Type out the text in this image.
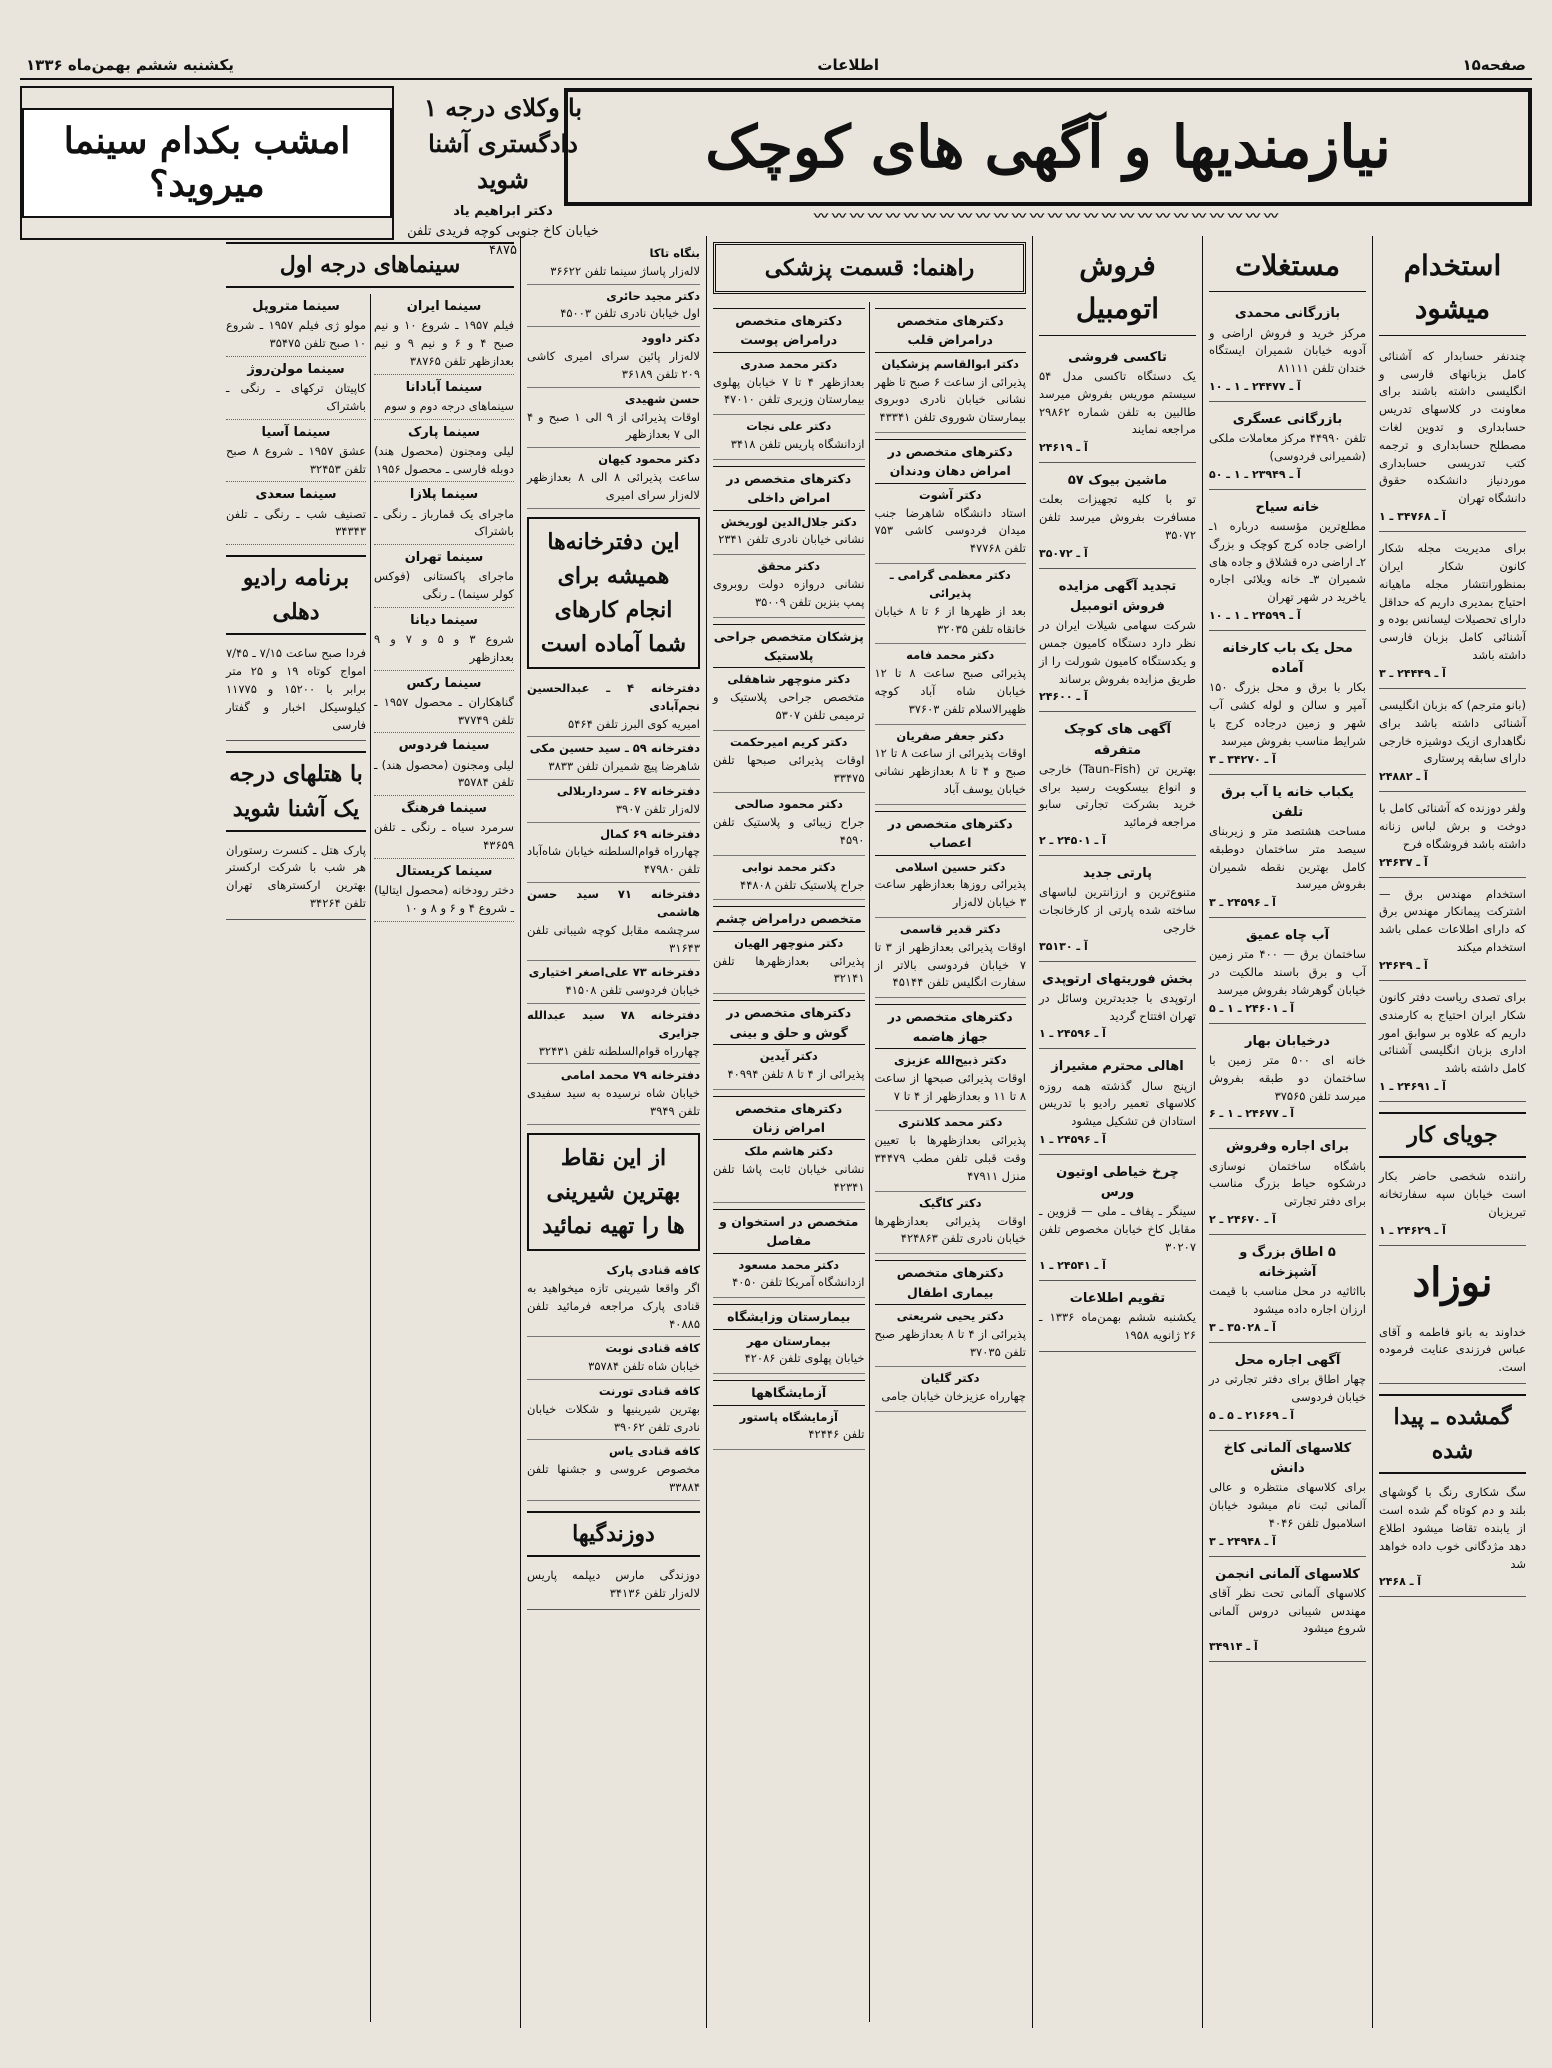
صفحه۱۵
اطلاعات
یکشنبه ششم بهمن‌ماه ۱۳۳۶
نیازمندیها و آگهی های کوچک
〰〰〰〰〰〰〰〰〰〰〰〰〰〰〰〰〰〰〰〰〰〰〰〰〰〰
با وکلای درجه ۱ دادگستری آشنا شوید
دکتر ابراهیم یاد
خیابان کاخ جنوبی کوچه فریدی تلفن ۴۸۷۵
امشب بکدام سینما میروید؟
استخدام میشود
چندنفر حسابدار که آشنائی کامل بزبانهای فارسی و انگلیسی داشته باشند برای معاونت در کلاسهای تدریس حسابداری و تدوین لغات مصطلح حسابداری و ترجمه کتب تدریسی حسابداری موردنیاز دانشکده حقوق دانشگاه تهران
آ ـ ۳۴۷۶۸ ـ ۱
برای مدیریت مجله شکار کانون شکار ایران بمنظورانتشار مجله ماهیانه احتیاج بمدیری داریم که حداقل دارای تحصیلات لیسانس بوده و آشنائی کامل بزبان فارسی داشته باشد
آ ـ ۲۴۴۴۹ ـ ۳
(بانو مترجم) که بزبان انگلیسی آشنائی داشته باشد برای نگاهداری ازیک دوشیزه خارجی دارای سابقه پرستاری
آ ـ ۲۴۸۸۲
ولفر دوزنده که آشنائی کامل با دوخت و برش لباس زنانه داشته باشد فروشگاه فرح
آ ـ ۲۴۶۳۷
استخدام مهندس برق — اشترکت پیمانکار مهندس برق که دارای اطلاعات عملی باشد استخدام میکند
آ ـ ۲۴۶۴۹
برای تصدی ریاست دفتر کانون شکار ایران احتیاج به کارمندی داریم که علاوه بر سوابق امور اداری بزبان انگلیسی آشنائی کامل داشته باشد
آ ـ ۲۴۶۹۱ ـ ۱
جویای کار
راننده شخصی حاضر بکار است خیابان سپه سفارتخانه تبریزیان
آ ـ ۲۴۶۲۹ ـ ۱
نوزاد
خداوند به بانو فاطمه و آقای عباس فرزندی عنایت فرموده است.
گمشده ـ پیدا شده
سگ شکاری رنگ با گوشهای بلند و دم کوتاه گم شده است از یابنده تقاضا میشود اطلاع دهد مژدگانی خوب داده خواهد شد
آ ـ ۲۴۶۸
مستغلات
بازرگانی محمدی
مرکز خرید و فروش اراضی و آدوبه خیابان شمیران ایستگاه خندان تلفن ۸۱۱۱۱
آ ـ ۲۴۴۷۷ ـ ۱ ـ ۱۰
بازرگانی عسگری
تلفن ۴۴۹۹۰ مرکز معاملات ملکی (شمیرانی فردوسی)
آ ـ ۲۳۹۴۹ ـ ۱ ـ ۵۰
خانه سیاح
مطلع‌ترین مؤسسه درباره ۱ـ اراضی جاده کرج کوچک و بزرگ ۲ـ اراضی دره قشلاق و جاده های شمیران ۳ـ خانه ویلائی اجاره یاخرید در شهر تهران
آ ـ ۲۴۵۹۹ ـ ۱ ـ ۱۰
محل یک باب کارخانه آماده
بکار با برق و محل بزرگ ۱۵۰ آمپر و سالن و لوله کشی آب شهر و زمین درجاده کرج با شرایط مناسب بفروش میرسد
آ ـ ۳۴۲۷۰ ـ ۳
یکباب خانه یا آب برق تلفن
مساحت هشتصد متر و زیربنای سیصد متر ساختمان دوطبقه کامل بهترین نقطه شمیران بفروش میرسد
آ ـ ۲۴۵۹۶ ـ ۳
آب چاه عمیق
ساختمان برق — ۴۰۰ متر زمین آب و برق باسند مالکیت در خیابان گوهرشاد بفروش میرسد
آ ـ ۲۴۶۰۱ ـ ۱ ـ ۵
درخیابان بهار
خانه ای ۵۰۰ متر زمین با ساختمان دو طبقه بفروش میرسد تلفن ۳۷۵۶۵
آ ـ ۲۴۶۷۷ ـ ۱ ـ ۶
برای اجاره وفروش
باشگاه ساختمان نوسازی درشکوه حیاط بزرگ مناسب برای دفتر تجارتی
آ ـ ۲۴۶۷۰ ـ ۲
۵ اطاق بزرگ و آشپزخانه
بااثاثیه در محل مناسب با قیمت ارزان اجاره داده میشود
آ ـ ۳۵۰۲۸ ـ ۳
آگهی اجاره محل
چهار اطاق برای دفتر تجارتی در خیابان فردوسی
آ ـ ۲۱۶۶۹ ـ ۵ ـ ۵
کلاسهای آلمانی کاخ دانش
برای کلاسهای منتظره و عالی آلمانی ثبت نام میشود خیابان اسلامبول تلفن ۴۰۴۶
آ ـ ۲۴۹۴۸ ـ ۳
کلاسهای آلمانی انجمن
کلاسهای آلمانی تحت نظر آقای مهندس شیبانی دروس آلمانی شروع میشود
آ ـ ۳۴۹۱۴
فروش اتومبیل
تاکسی فروشی
یک دستگاه تاکسی مدل ۵۴ سیستم موریس بفروش میرسد طالبین به تلفن شماره ۲۹۸۶۲ مراجعه نمایند
آ ـ ۲۴۶۱۹
ماشین بیوک ۵۷
تو با کلیه تجهیزات بعلت مسافرت بفروش میرسد تلفن ۳۵۰۷۲
آ ـ ۳۵۰۷۲
تجدید آگهی مزایده فروش اتومبیل
شرکت سهامی شیلات ایران در نظر دارد دستگاه کامیون جمس و یکدستگاه کامیون شورلت را از طریق مزایده بفروش برساند
آ ـ ۲۴۶۰۰
آگهی های کوچک متفرقه
بهترین تن (Taun-Fish) خارجی و انواع بیسکویت رسید برای خرید بشرکت تجارتی سابو مراجعه فرمائید
آ ـ ۲۴۵۰۱ ـ ۲
پارتی جدید
متنوع‌ترین و ارزانترین لباسهای ساخته شده پارتی از کارخانجات خارجی
آ ـ ۳۵۱۳۰
بخش فوریتهای ارتوپدی
ارتوپدی با جدیدترین وسائل در تهران افتتاح گردید
آ ـ ۲۴۵۹۶ ـ ۱
اهالی محترم مشیراز
ازپنج سال گذشته همه روزه کلاسهای تعمیر رادیو با تدریس استادان فن تشکیل میشود
آ ـ ۲۴۵۹۶ ـ ۱
چرخ خیاطی اوتیون ورس
سینگر ـ پفاف ـ ملی — قزوین ـ مقابل کاخ خیابان مخصوص تلفن ۳۰۲۰۷
آ ـ ۲۴۵۴۱ ـ ۱
تقویم اطلاعات
یکشنبه ششم بهمن‌ماه ۱۳۳۶ ـ ۲۶ ژانویه ۱۹۵۸
راهنما: قسمت پزشکی
دکترهای متخصص درامراض قلب
دکتر ابوالقاسم پزشکیان
پذیرائی از ساعت ۶ صبح تا ظهر نشانی خیابان نادری دوبروی بیمارستان شوروی تلفن ۴۳۳۴۱
دکترهای متخصص در امراض دهان ودندان
دکتر آشوت
استاد دانشگاه شاهرضا جنب میدان فردوسی کاشی ۷۵۳ تلفن ۴۷۷۶۸
دکتر معظمی گرامی ـ پذیرائی
بعد از ظهرها از ۶ تا ۸ خیابان خانقاه تلفن ۳۲۰۳۵
دکتر محمد فامه
پذیرائی صبح ساعت ۸ تا ۱۲ خیابان شاه آباد کوچه ظهیرالاسلام تلفن ۳۷۶۰۳
دکتر جعفر صفریان
اوقات پذیرائی از ساعت ۸ تا ۱۲ صبح و ۴ تا ۸ بعدازظهر نشانی خیابان یوسف آباد
دکترهای متخصص در اعصاب
دکتر حسین اسلامی
پذیرائی روزها بعدازظهر ساعت ۳ خیابان لاله‌زار
دکتر قدیر قاسمی
اوقات پذیرائی بعدازظهر از ۳ تا ۷ خیابان فردوسی بالاتر از سفارت انگلیس تلفن ۴۵۱۴۴
دکترهای متخصص در جهاز هاضمه
دکتر ذبیح‌الله عزیزی
اوقات پذیرائی صبحها از ساعت ۸ تا ۱۱ و بعدازظهر از ۴ تا ۷
دکتر محمد کلانتری
پذیرائی بعدازظهرها با تعیین وقت قبلی تلفن مطب ۳۴۴۷۹ منزل ۴۷۹۱۱
دکتر کاگیک
اوقات پذیرائی بعدازظهرها خیابان نادری تلفن ۴۲۴۸۶۳
دکترهای متخصص بیماری اطفال
دکتر یحیی شریعتی
پذیرائی از ۴ تا ۸ بعدازظهر صبح تلفن ۳۷۰۳۵
دکتر گلیان
چهارراه عزیزخان خیابان جامی
دکترهای متخصص درامراض پوست
دکتر محمد صدری
بعدازظهر ۴ تا ۷ خیابان پهلوی بیمارستان وزیری تلفن ۴۷۰۱۰
دکتر علی نجات
ازدانشگاه پاریس تلفن ۳۴۱۸
دکترهای متخصص در امراض داخلی
دکتر جلال‌الدین لوریخش
نشانی خیابان نادری تلفن ۲۳۴۱
دکتر محقق
نشانی دروازه دولت روبروی پمپ بنزین تلفن ۳۵۰۰۹
پزشکان متخصص جراحی پلاستیک
دکتر منوچهر شاهقلی
متخصص جراحی پلاستیک و ترمیمی تلفن ۵۳۰۷
دکتر کریم امیرحکمت
اوقات پذیرائی صبحها تلفن ۳۳۴۷۵
دکتر محمود صالحی
جراح زیبائی و پلاستیک تلفن ۴۵۹۰
دکتر محمد نوابی
جراح پلاستیک تلفن ۴۴۸۰۸
متخصص درامراض چشم
دکتر منوچهر الهیان
پذیرائی بعدازظهرها تلفن ۳۲۱۴۱
دکترهای متخصص در گوش و حلق و بینی
دکتر آیدین
پذیرائی از ۴ تا ۸ تلفن ۴۰۹۹۴
دکترهای متخصص امراض زنان
دکتر هاشم ملک
نشانی خیابان ثابت پاشا تلفن ۴۲۳۴۱
متخصص در استخوان و مفاصل
دکتر محمد مسعود
ازدانشگاه آمریکا تلفن ۴۰۵۰
بیمارستان وزایشگاه
بیمارستان مهر
خیابان پهلوی تلفن ۴۲۰۸۶
آزمایشگاهها
آزمایشگاه پاستور
تلفن ۴۲۴۴۶
بنگاه تاکا
لاله‌زار پاساژ سینما تلفن ۳۶۶۲۲
دکتر مجید حائری
اول خیابان نادری تلفن ۴۵۰۰۳
دکتر داوود
لاله‌زار پائین سرای امیری کاشی ۲۰۹ تلفن ۳۶۱۸۹
حسن شهیدی
اوقات پذیرائی از ۹ الی ۱ صبح و ۴ الی ۷ بعدازظهر
دکتر محمود کیهان
ساعت پذیرائی ۸ الی ۸ بعدازظهر لاله‌زار سرای امیری
این دفترخانه‌ها همیشه برای انجام کارهای شما آماده است
دفترخانه ۴ ـ عبدالحسین نجم‌آبادی
امیریه کوی البرز تلفن ۵۴۶۴
دفترخانه ۵۹ ـ سید حسین مکی
شاهرضا پیچ شمیران تلفن ۳۸۳۳
دفترخانه ۶۷ ـ سرداربلالی
لاله‌زار تلفن ۳۹۰۷
دفترخانه ۶۹ کمال
چهارراه قوام‌السلطنه خیابان شاه‌آباد تلفن ۴۷۹۸۰
دفترخانه ۷۱ سید حسن هاشمی
سرچشمه مقابل کوچه شیبانی تلفن ۳۱۶۴۳
دفترخانه ۷۳ علی‌اصغر اختیاری
خیابان فردوسی تلفن ۴۱۵۰۸
دفترخانه ۷۸ سید عبدالله جزایری
چهارراه قوام‌السلطنه تلفن ۳۲۴۳۱
دفترخانه ۷۹ محمد امامی
خیابان شاه نرسیده به سید سفیدی تلفن ۳۹۴۹
از این نقاط بهترین شیرینی ها را تهیه نمائید
کافه قنادی پارک
اگر واقعا شیرینی تازه میخواهید به قنادی پارک مراجعه فرمائید تلفن ۴۰۸۸۵
کافه قنادی نوبت
خیابان شاه تلفن ۳۵۷۸۴
کافه قنادی تورنت
بهترین شیرینیها و شکلات خیابان نادری تلفن ۳۹۰۶۲
کافه قنادی یاس
مخصوص عروسی و جشنها تلفن ۳۳۸۸۴
دوزندگیها
دوزندگی مارس دیپلمه پاریس لاله‌زار تلفن ۳۴۱۳۶
سینماهای درجه اول
سینما ایران
فیلم ۱۹۵۷ ـ شروع ۱۰ و نیم صبح ۴ و ۶ و نیم ۹ و نیم بعدازظهر تلفن ۳۸۷۶۵
سینما آبادانا
سینماهای درجه دوم و سوم
سینما پارک
لیلی ومجنون (محصول هند) دوبله فارسی ـ محصول ۱۹۵۶
سینما پلازا
ماجرای یک قمارباز ـ رنگی ـ باشتراک
سینما تهران
ماجرای پاکستانی (فوکس کولر سینما) ـ رنگی
سینما دیانا
شروع ۳ و ۵ و ۷ و ۹ بعدازظهر
سینما رکس
گناهکاران ـ محصول ۱۹۵۷ ـ تلفن ۳۷۷۴۹
سینما فردوس
لیلی ومجنون (محصول هند) ـ تلفن ۳۵۷۸۴
سینما فرهنگ
سرمرد سیاه ـ رنگی ـ تلفن ۴۳۶۵۹
سینما کریستال
دختر رودخانه (محصول ایتالیا) ـ شروع ۴ و ۶ و ۸ و ۱۰
سینما متروپل
مولو ژی فیلم ۱۹۵۷ ـ شروع ۱۰ صبح تلفن ۳۵۴۷۵
سینما مولن‌روژ
کاپیتان ترکهای ـ رنگی ـ باشتراک
سینما آسیا
عشق ۱۹۵۷ ـ شروع ۸ صبح تلفن ۳۲۴۵۳
سینما سعدی
تصنیف شب ـ رنگی ـ تلفن ۳۴۳۴۳
برنامه رادیو دهلی
فردا صبح ساعت ۷/۱۵ ـ ۷/۴۵ امواج کوتاه ۱۹ و ۲۵ متر برابر با ۱۵۲۰۰ و ۱۱۷۷۵ کیلوسیکل اخبار و گفتار فارسی
با هتلهای درجه یک آشنا شوید
پارک هتل ـ کنسرت رستوران هر شب با شرکت ارکستر بهترین ارکسترهای تهران تلفن ۳۴۲۶۴
